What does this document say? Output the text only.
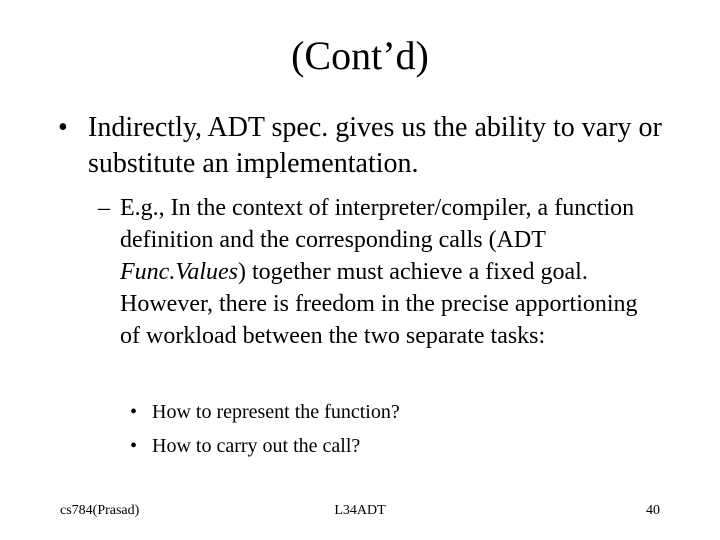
(Cont’d)
• Indirectly, ADT spec. gives us the ability to vary or substitute an implementation.
– E.g., In the context of interpreter/compiler, a function definition and the corresponding calls (ADT Func.Values) together must achieve a fixed goal. However, there is freedom in the precise apportioning of workload between the two separate tasks:
• How to represent the function?
• How to carry out the call?
cs784(Prasad)	L34ADT	40
